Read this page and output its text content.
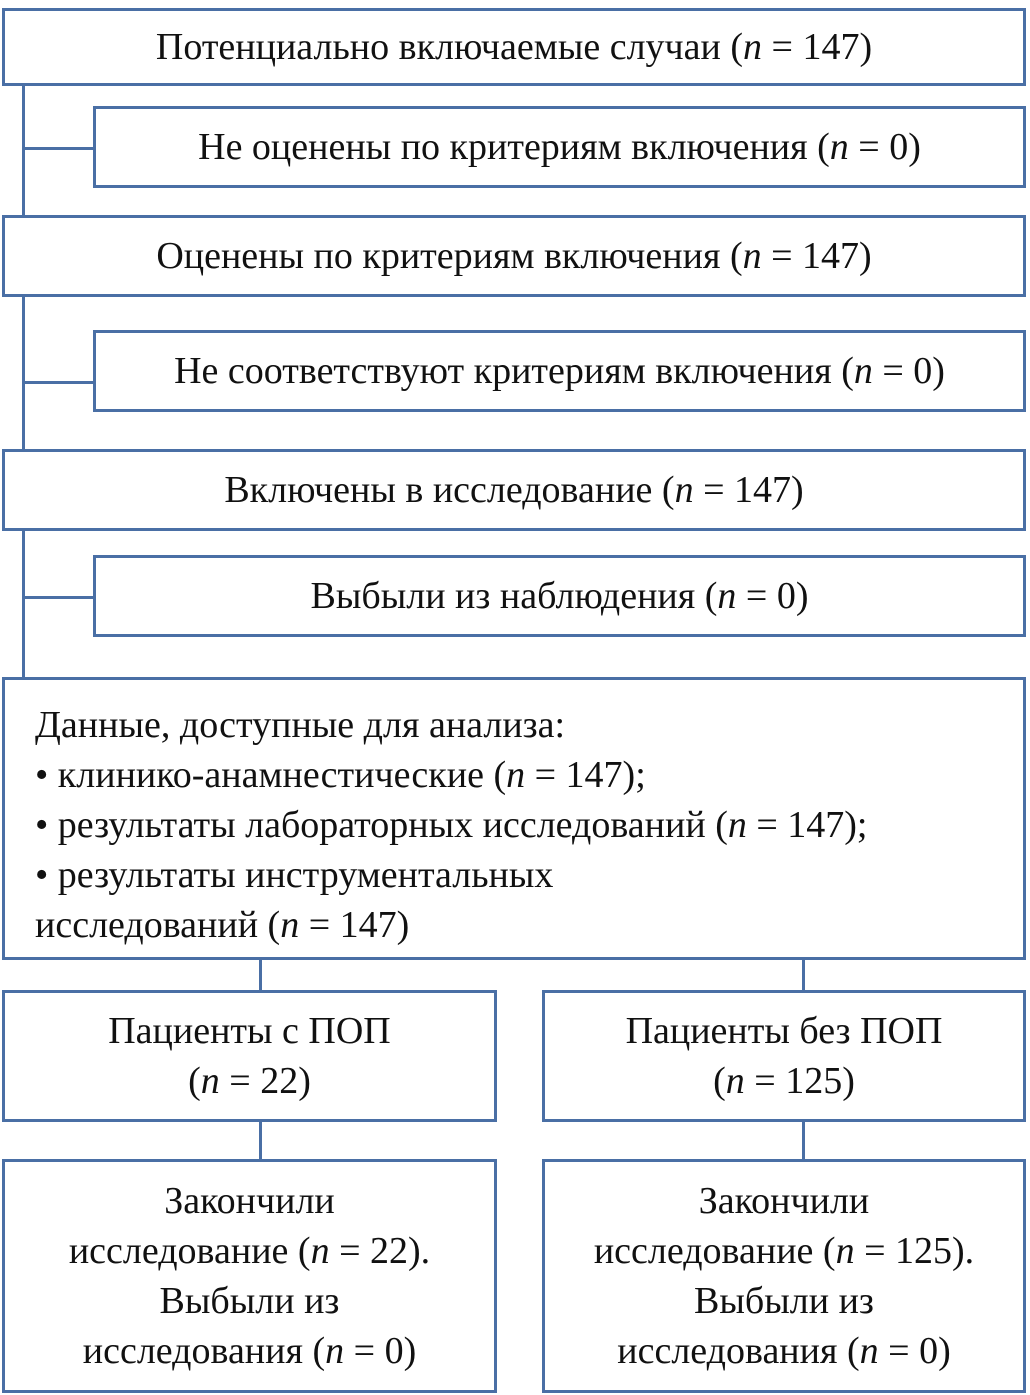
Потенциально включаемые случаи (n = 147)
Не оценены по критериям включения (n = 0)
Оценены по критериям включения (n = 147)
Не соответствуют критериям включения (n = 0)
Включены в исследование (n = 147)
Выбыли из наблюдения (n = 0)
Данные, доступные для анализа:
• клинико-анамнестические (n = 147);
• результаты лабораторных исследований (n = 147);
• результаты инструментальных
исследований (n = 147)
Пациенты с ПОП
(n = 22)
Пациенты без ПОП
(n = 125)
Закончили
исследование (n = 22).
Выбыли из
исследования (n = 0)
Закончили
исследование (n = 125).
Выбыли из
исследования (n = 0)
